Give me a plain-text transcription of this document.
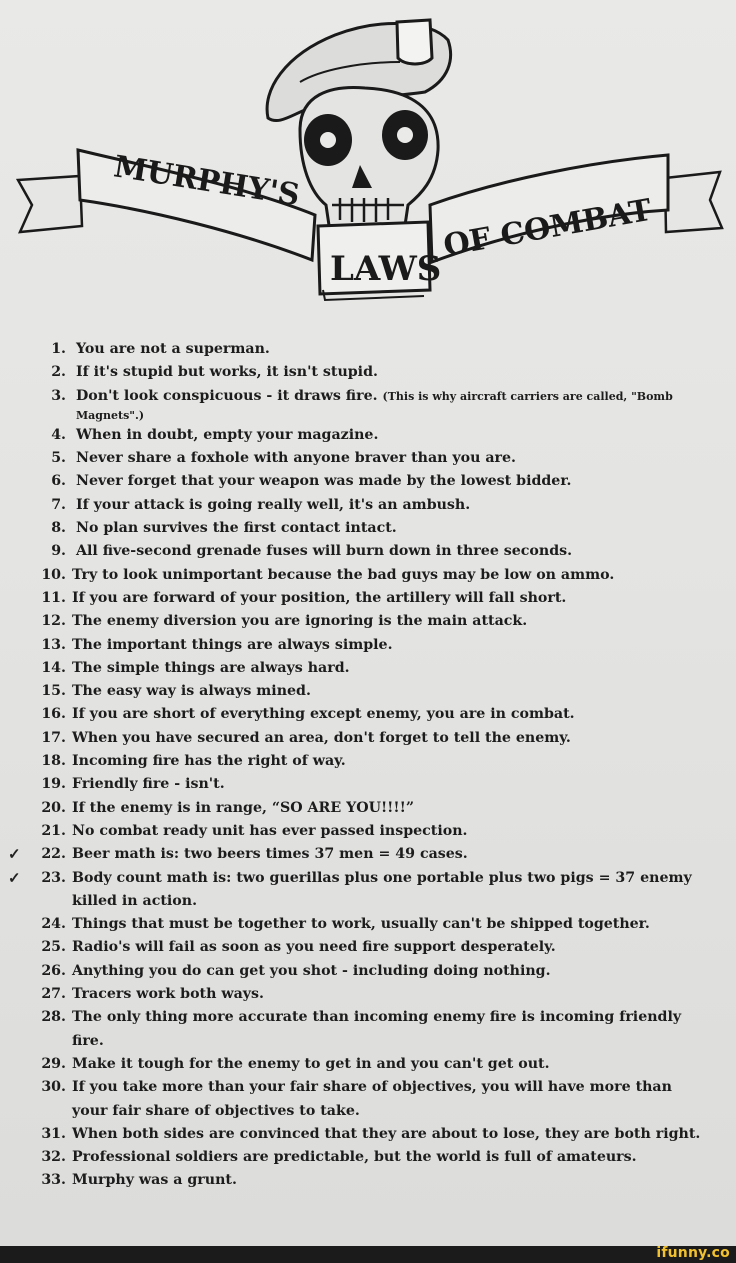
MURPHY'S
OF COMBAT
LAWS
1. You are not a superman.
2. If it's stupid but works, it isn't stupid.
3. Don't look conspicuous - it draws fire. (This is why aircraft carriers are called, "Bomb
Magnets".)
4. When in doubt, empty your magazine.
5. Never share a foxhole with anyone braver than you are.
6. Never forget that your weapon was made by the lowest bidder.
7. If your attack is going really well, it's an ambush.
8. No plan survives the first contact intact.
9. All five-second grenade fuses will burn down in three seconds.
10. Try to look unimportant because the bad guys may be low on ammo.
11. If you are forward of your position, the artillery will fall short.
12. The enemy diversion you are ignoring is the main attack.
13. The important things are always simple.
14. The simple things are always hard.
15. The easy way is always mined.
16. If you are short of everything except enemy, you are in combat.
17. When you have secured an area, don't forget to tell the enemy.
18. Incoming fire has the right of way.
19. Friendly fire - isn't.
20. If the enemy is in range, “SO ARE YOU!!!!”
21. No combat ready unit has ever passed inspection.
22.
✓	Beer math is: two beers times 37 men = 49 cases.
23.
✓	Body count math is: two guerillas plus one portable plus two pigs = 37 enemy
killed in action.
24. Things that must be together to work, usually can't be shipped together.
25. Radio's will fail as soon as you need fire support desperately.
26. Anything you do can get you shot - including doing nothing.
27. Tracers work both ways.
28. The only thing more accurate than incoming enemy fire is incoming friendly
fire.
29. Make it tough for the enemy to get in and you can't get out.
30. If you take more than your fair share of objectives, you will have more than
your fair share of objectives to take.
31. When both sides are convinced that they are about to lose, they are both right.
32. Professional soldiers are predictable, but the world is full of amateurs.
33. Murphy was a grunt.
ifunny.co
